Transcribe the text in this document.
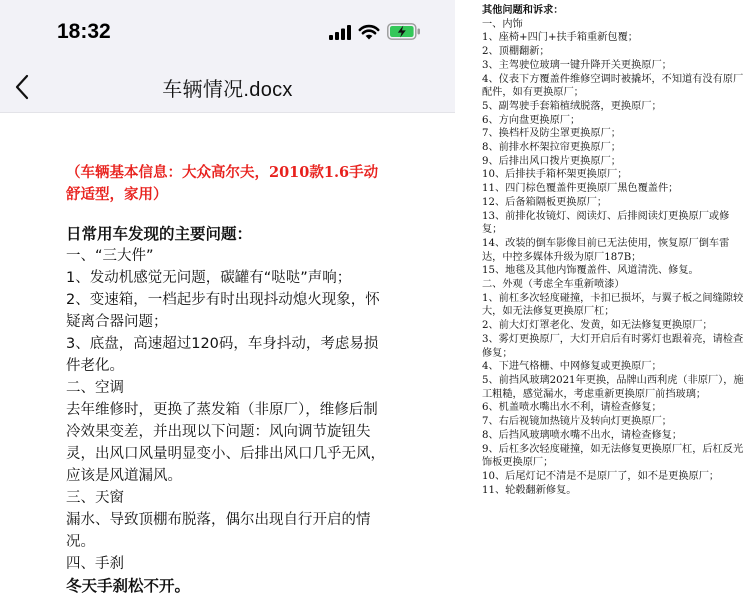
18:32
车辆情况.docx

（车辆基本信息：大众高尔夫，2010款1.6手动舒适型，家用）

日常用车发现的主要问题：

一、“三大件”

1、发动机感觉无问题，碳罐有“哒哒”声响；

2、变速箱，一档起步有时出现抖动熄火现象，怀疑离合器问题；

3、底盘，高速超过120码，车身抖动，考虑易损件老化。

二、空调

去年维修时，更换了蒸发箱（非原厂），维修后制冷效果变差，并出现以下问题：风向调节旋钮失灵，出风口风量明显变小、后排出风口几乎无风，应该是风道漏风。

三、天窗

漏水、导致顶棚布脱落，偶尔出现自行开启的情况。

四、手刹

冬天手刹松不开。

其他问题和诉求：

一、内饰

1、座椅+四门+扶手箱重新包覆；

2、顶棚翻新；

3、主驾驶位玻璃一键升降开关更换原厂；

4、仪表下方覆盖件维修空调时被撬坏，不知道有没有原厂配件，如有更换原厂；

5、副驾驶手套箱植绒脱落，更换原厂；

6、方向盘更换原厂；

7、换档杆及防尘罩更换原厂；

8、前排水杯架拉帘更换原厂；

9、后排出风口拨片更换原厂；

10、后排扶手箱杯架更换原厂；

11、四门棕色覆盖件更换原厂黑色覆盖件；

12、后备箱隔板更换原厂；

13、前排化妆镜灯、阅读灯、后排阅读灯更换原厂或修复；

14、改装的倒车影像目前已无法使用，恢复原厂倒车雷达，中控多媒体升级为原厂187B；

15、地毯及其他内饰覆盖件、风道清洗、修复。

二、外观（考虑全车重新喷漆）

1、前杠多次轻度碰撞，卡扣已损坏，与翼子板之间缝隙较大，如无法修复更换原厂杠；

2、前大灯灯罩老化、发黄，如无法修复更换原厂；

3、雾灯更换原厂，大灯开启后有时雾灯也跟着亮，请检查修复；

4、下进气格栅、中网修复或更换原厂；

5、前挡风玻璃2021年更换，品牌山西利虎（非原厂），施工粗糙，感觉漏水，考虑重新更换原厂前挡玻璃；

6、机盖喷水嘴出水不利，请检查修复；

7、右后视镜加热镜片及转向灯更换原厂；

8、后挡风玻璃喷水嘴不出水，请检查修复；

9、后杠多次轻度碰撞，如无法修复更换原厂杠，后杠反光饰板更换原厂；

10、后尾灯记不清是不是原厂了，如不是更换原厂；

11、轮毂翻新修复。
